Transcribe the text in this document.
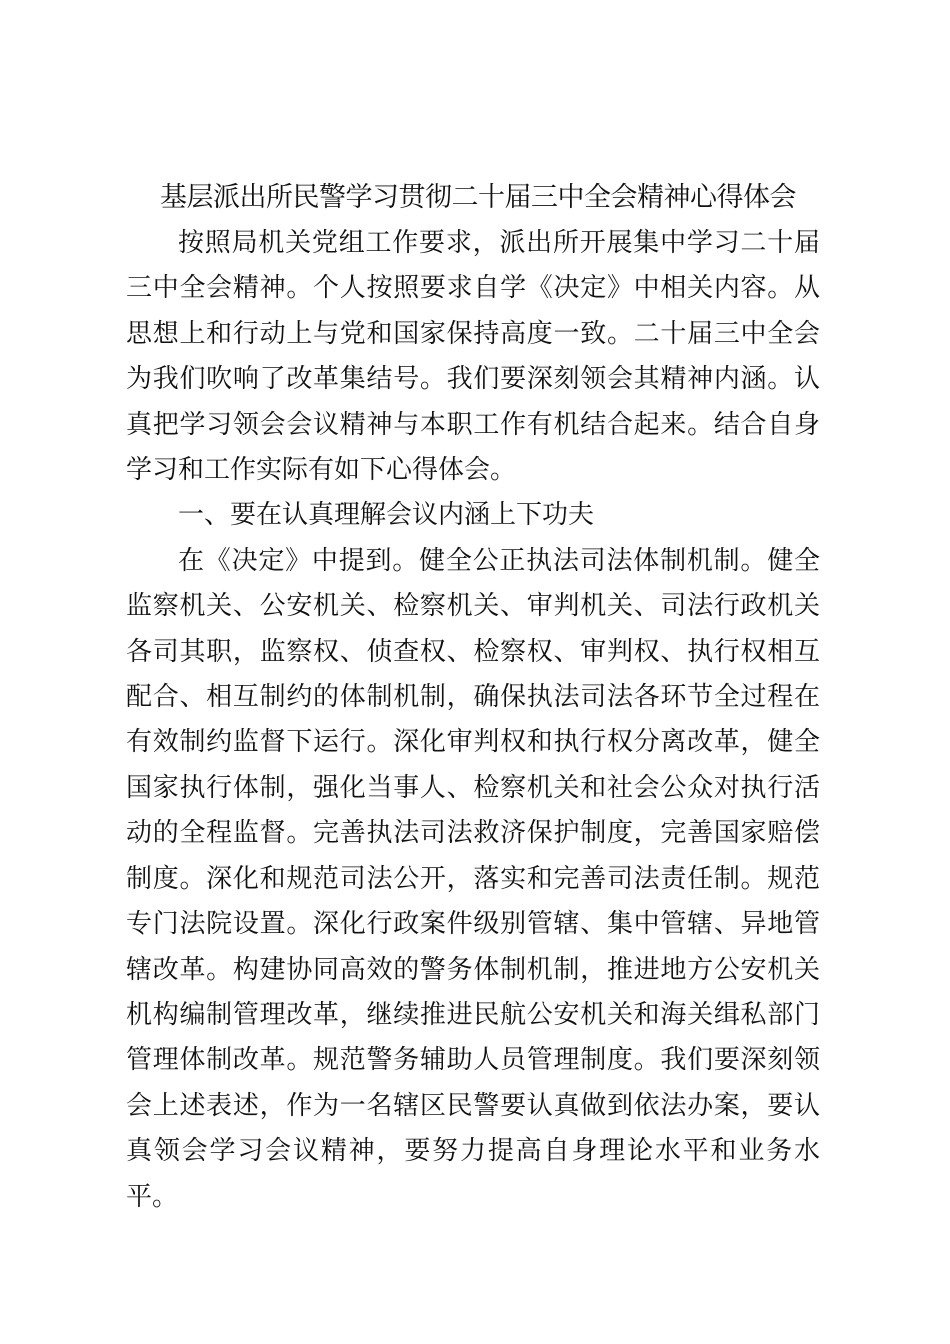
基层派出所民警学习贯彻二十届三中全会精神心得体会

按照局机关党组工作要求，派出所开展集中学习二十届三中全会精神。个人按照要求自学《决定》中相关内容。从思想上和行动上与党和国家保持高度一致。二十届三中全会为我们吹响了改革集结号。我们要深刻领会其精神内涵。认真把学习领会会议精神与本职工作有机结合起来。结合自身学习和工作实际有如下心得体会。

一、要在认真理解会议内涵上下功夫

在《决定》中提到。健全公正执法司法体制机制。健全监察机关、公安机关、检察机关、审判机关、司法行政机关各司其职，监察权、侦查权、检察权、审判权、执行权相互配合、相互制约的体制机制，确保执法司法各环节全过程在有效制约监督下运行。深化审判权和执行权分离改革，健全国家执行体制，强化当事人、检察机关和社会公众对执行活动的全程监督。完善执法司法救济保护制度，完善国家赔偿制度。深化和规范司法公开，落实和完善司法责任制。规范专门法院设置。深化行政案件级别管辖、集中管辖、异地管辖改革。构建协同高效的警务体制机制，推进地方公安机关机构编制管理改革，继续推进民航公安机关和海关缉私部门管理体制改革。规范警务辅助人员管理制度。我们要深刻领会上述表述，作为一名辖区民警要认真做到依法办案，要认真领会学习会议精神，要努力提高自身理论水平和业务水平。
